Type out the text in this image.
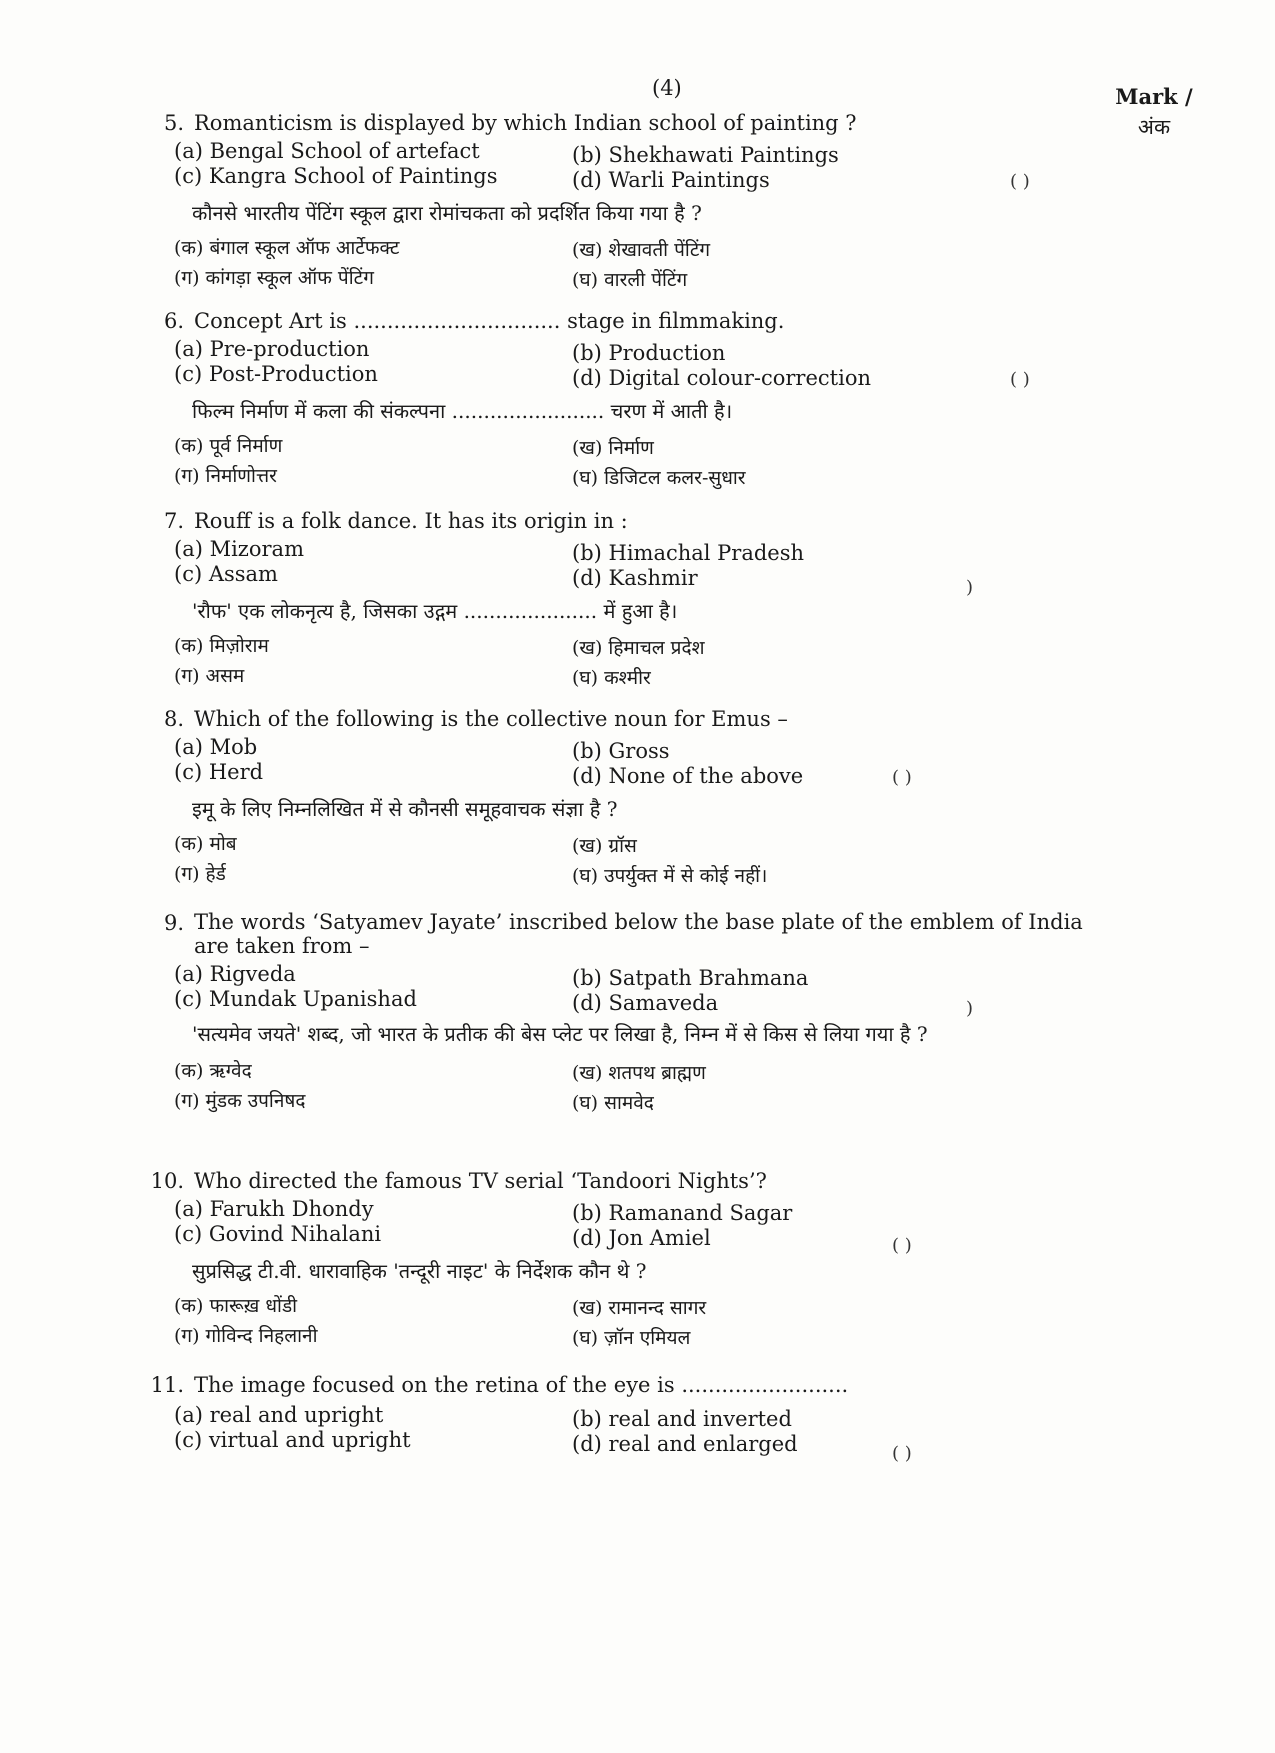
(4)	Mark /
अंक
5. Romanticism is displayed by which Indian school of painting ?
(a) Bengal School of artefact	(b) Shekhawati Paintings
(c) Kangra School of Paintings	(d) Warli Paintings	( )
कौनसे भारतीय पेंटिंग स्कूल द्वारा रोमांचकता को प्रदर्शित किया गया है ?
(क) बंगाल स्कूल ऑफ आर्टेफक्ट	(ख) शेखावती पेंटिंग
(ग) कांगड़ा स्कूल ऑफ पेंटिंग	(घ) वारली पेंटिंग
6. Concept Art is ............................... stage in filmmaking.
(a) Pre-production	(b) Production
(c) Post-Production	(d) Digital colour-correction	( )
फिल्म निर्माण में कला की संकल्पना ........................ चरण में आती है।
(क) पूर्व निर्माण	(ख) निर्माण
(ग) निर्माणोत्तर	(घ) डिजिटल कलर-सुधार
7. Rouff is a folk dance. It has its origin in :
(a) Mizoram	(b) Himachal Pradesh
(c) Assam	(d) Kashmir	)
'रौफ' एक लोकनृत्य है, जिसका उद्गम ..................... में हुआ है।
(क) मिज़ोराम	(ख) हिमाचल प्रदेश
(ग) असम	(घ) कश्मीर
8. Which of the following is the collective noun for Emus –
(a) Mob	(b) Gross
(c) Herd	(d) None of the above	( )
इमू के लिए निम्नलिखित में से कौनसी समूहवाचक संज्ञा है ?
(क) मोब	(ख) ग्रॉस
(ग) हेर्ड	(घ) उपर्युक्त में से कोई नहीं।
9. The words ‘Satyamev Jayate’ inscribed below the base plate of the emblem of India are taken from –
(a) Rigveda	(b) Satpath Brahmana
(c) Mundak Upanishad	(d) Samaveda	)
'सत्यमेव जयते' शब्द, जो भारत के प्रतीक की बेस प्लेट पर लिखा है, निम्न में से किस से लिया गया है ?
(क) ऋग्वेद	(ख) शतपथ ब्राह्मण
(ग) मुंडक उपनिषद	(घ) सामवेद
10. Who directed the famous TV serial ‘Tandoori Nights’?
(a) Farukh Dhondy	(b) Ramanand Sagar
(c) Govind Nihalani	(d) Jon Amiel	( )
सुप्रसिद्ध टी.वी. धारावाहिक 'तन्दूरी नाइट' के निर्देशक कौन थे ?
(क) फारूख़ धोंडी	(ख) रामानन्द सागर
(ग) गोविन्द निहलानी	(घ) ज़ॉन एमियल
11. The image focused on the retina of the eye is .........................
(a) real and upright	(b) real and inverted
(c) virtual and upright	(d) real and enlarged	( )
